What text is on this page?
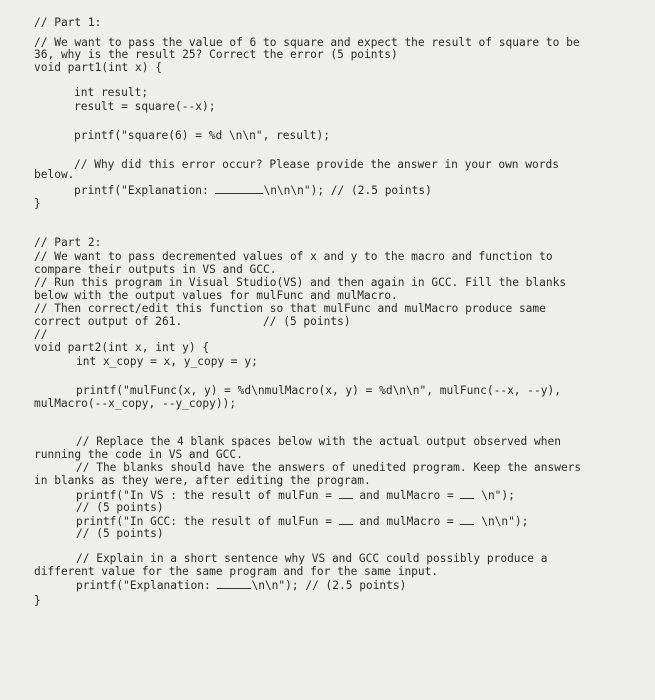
// Part 1:
// We want to pass the value of 6 to square and expect the result of square to be
36, why is the result 25? Correct the error (5 points)
void part1(int x) {
int result;
result = square(--x);
printf("square(6) = %d \n\n", result);
// Why did this error occur? Please provide the answer in your own words
below.
printf("Explanation:	\n\n\n"); // (2.5 points)
}
// Part 2:
// We want to pass decremented values of x and y to the macro and function to
compare their outputs in VS and GCC.
// Run this program in Visual Studio(VS) and then again in GCC. Fill the blanks
below with the output values for mulFunc and mulMacro.
// Then correct/edit this function so that mulFunc and mulMacro produce same
correct output of 261.            // (5 points)
//
void part2(int x, int y) {
int x_copy = x, y_copy = y;
printf("mulFunc(x, y) = %d\nmulMacro(x, y) = %d\n\n", mulFunc(--x, --y),
mulMacro(--x_copy, --y_copy));
// Replace the 4 blank spaces below with the actual output observed when
running the code in VS and GCC.
// The blanks should have the answers of unedited program. Keep the answers
in blanks as they were, after editing the program.
printf("In VS : the result of mulFun =  and mulMacro =  \n");
// (5 points)
printf("In GCC: the result of mulFun =  and mulMacro =  \n\n");
// (5 points)
// Explain in a short sentence why VS and GCC could possibly produce a
different value for the same program and for the same input.
printf("Explanation:	\n\n"); // (2.5 points)
}
